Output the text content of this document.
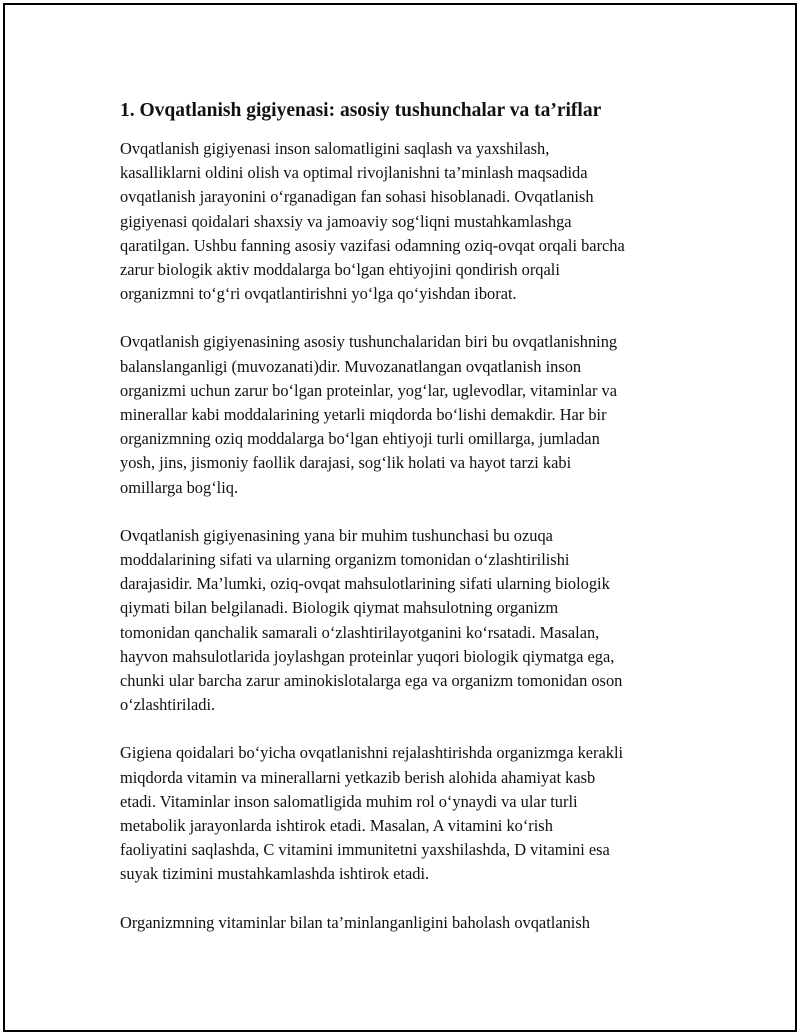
1. Ovqatlanish gigiyenasi: asosiy tushunchalar va ta’riflar

Ovqatlanish gigiyenasi inson salomatligini saqlash va yaxshilash,
kasalliklarni oldini olish va optimal rivojlanishni ta’minlash maqsadida
ovqatlanish jarayonini o‘rganadigan fan sohasi hisoblanadi. Ovqatlanish
gigiyenasi qoidalari shaxsiy va jamoaviy sog‘liqni mustahkamlashga
qaratilgan. Ushbu fanning asosiy vazifasi odamning oziq-ovqat orqali barcha
zarur biologik aktiv moddalarga bo‘lgan ehtiyojini qondirish orqali
organizmni to‘g‘ri ovqatlantirishni yo‘lga qo‘yishdan iborat.

Ovqatlanish gigiyenasining asosiy tushunchalaridan biri bu ovqatlanishning
balanslanganligi (muvozanati)dir. Muvozanatlangan ovqatlanish inson
organizmi uchun zarur bo‘lgan proteinlar, yog‘lar, uglevodlar, vitaminlar va
minerallar kabi moddalarining yetarli miqdorda bo‘lishi demakdir. Har bir
organizmning oziq moddalarga bo‘lgan ehtiyoji turli omillarga, jumladan
yosh, jins, jismoniy faollik darajasi, sog‘lik holati va hayot tarzi kabi
omillarga bog‘liq.

Ovqatlanish gigiyenasining yana bir muhim tushunchasi bu ozuqa
moddalarining sifati va ularning organizm tomonidan o‘zlashtirilishi
darajasidir. Ma’lumki, oziq-ovqat mahsulotlarining sifati ularning biologik
qiymati bilan belgilanadi. Biologik qiymat mahsulotning organizm
tomonidan qanchalik samarali o‘zlashtirilayotganini ko‘rsatadi. Masalan,
hayvon mahsulotlarida joylashgan proteinlar yuqori biologik qiymatga ega,
chunki ular barcha zarur aminokislotalarga ega va organizm tomonidan oson
o‘zlashtiriladi.

Gigiena qoidalari bo‘yicha ovqatlanishni rejalashtirishda organizmga kerakli
miqdorda vitamin va minerallarni yetkazib berish alohida ahamiyat kasb
etadi. Vitaminlar inson salomatligida muhim rol o‘ynaydi va ular turli
metabolik jarayonlarda ishtirok etadi. Masalan, A vitamini ko‘rish
faoliyatini saqlashda, C vitamini immunitetni yaxshilashda, D vitamini esa
suyak tizimini mustahkamlashda ishtirok etadi.

Organizmning vitaminlar bilan ta’minlanganligini baholash ovqatlanish
